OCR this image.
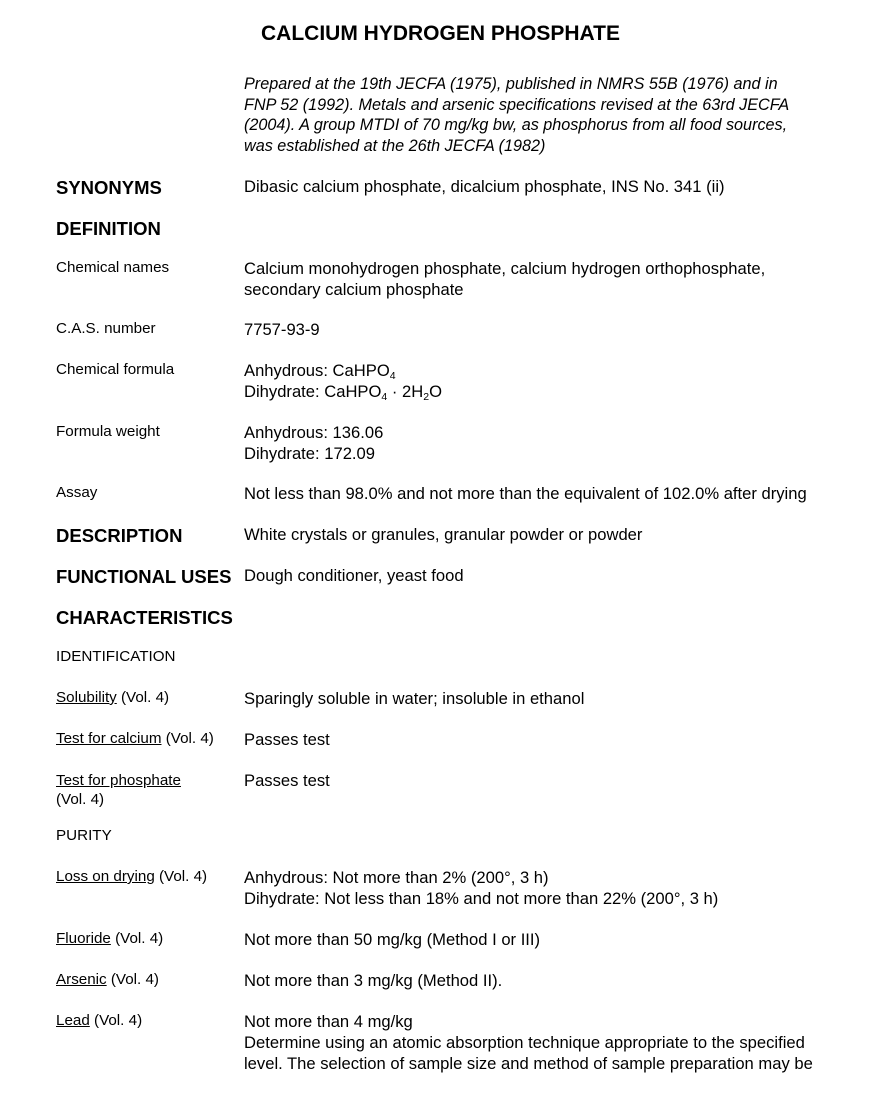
CALCIUM HYDROGEN PHOSPHATE
Prepared at the 19th JECFA (1975), published in NMRS 55B (1976) and in
FNP 52 (1992). Metals and arsenic specifications revised at the 63rd JECFA
(2004). A group MTDI of 70 mg/kg bw, as phosphorus from all food sources,
was established at the 26th JECFA (1982)
SYNONYMS	Dibasic calcium phosphate, dicalcium phosphate, INS No. 341 (ii)
DEFINITION
Chemical names	Calcium monohydrogen phosphate, calcium hydrogen orthophosphate,
secondary calcium phosphate
C.A.S. number	7757-93-9
Chemical formula	Anhydrous: CaHPO$_4$
Dihydrate: CaHPO$_4$ · $2H_2O$
Formula weight	Anhydrous: 136.06
Dihydrate: 172.09
Assay	Not less than 98.0% and not more than the equivalent of 102.0% after drying
DESCRIPTION	White crystals or granules, granular powder or powder
FUNCTIONAL USES Dough conditioner, yeast food
CHARACTERISTICS
IDENTIFICATION
Solubility (Vol. 4)	Sparingly soluble in water; insoluble in ethanol
Test for calcium (Vol. 4) Passes test
Test for phosphate
(Vol. 4)
Passes test
PURITY
Loss on drying (Vol. 4) Anhydrous: Not more than 2% (200°, 3 h)
Dihydrate: Not less than 18% and not more than 22% (200°, 3 h)
Fluoride (Vol. 4)	Not more than 50 mg/kg (Method I or III)
Arsenic (Vol. 4)	Not more than 3 mg/kg (Method II).
Lead (Vol. 4)	Not more than 4 mg/kg
Determine using an atomic absorption technique appropriate to the specified
level. The selection of sample size and method of sample preparation may be
